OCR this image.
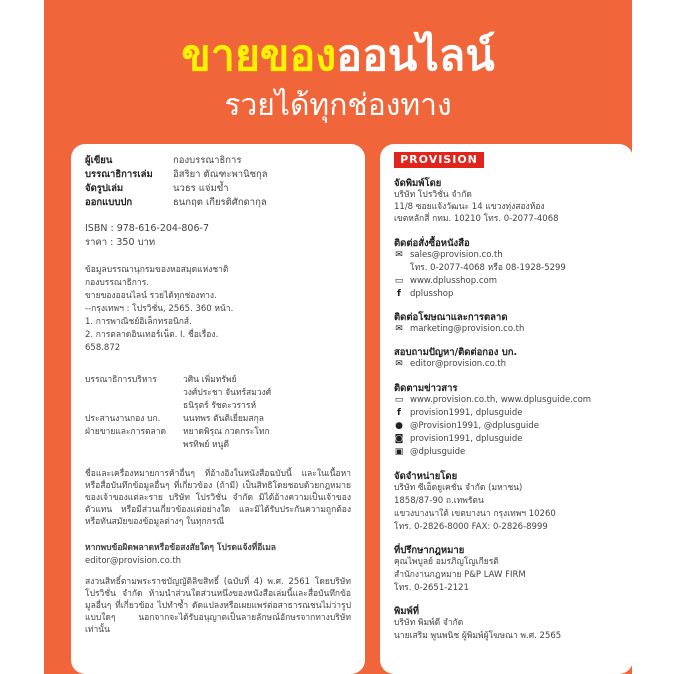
ขายของออนไลน์
รวยได้ทุกช่องทาง
ผู้เขียน	กองบรรณาธิการ
บรรณาธิการเล่ม อิสริยา ตัณฑะพานิชกุล
จัดรูปเล่ม	นวธร แจ่มข้ำ
ออกแบบปก	ธนกฤต เกียรติศักดากุล
ISBN : 978-616-204-806-7
ราคา : 350 บาท
ข้อมูลบรรณานุกรมของหอสมุดแห่งชาติ
กองบรรณาธิการ.
ขายของออนไลน์ รวยได้ทุกช่องทาง.
--กรุงเทพฯ : โปรวิชั่น, 2565. 360 หน้า.
1. การพาณิชย์อิเล็กทรอนิกส์.
2. การตลาดอินเทอร์เน็ต. I. ชื่อเรื่อง.
658.872
บรรณาธิการบริหาร	วศิน เพิ่มทรัพย์
วงศ์ประชา จันทร์สมวงศ์
ธนิรุตร์ รัชตะวรารห์
ประสานงานกอง บก.	นนทพร ตันติเยี่ยมสกุล
ฝ่ายขายและการตลาด หยาดพิรุณ กวดกระโทก
พรทิพย์ หนูดี
ชื่อและเครื่องหมายการค้าอื่นๆ ที่อ้างอิงในหนังสือฉบับนี้ และในเนื้อหาหรือสื่อบันทึกข้อมูลอื่นๆ ที่เกี่ยวข้อง (ถ้ามี) เป็นสิทธิโดยชอบด้วยกฎหมายของเจ้าของแต่ละราย บริษัท โปรวิชั่น จำกัด มิได้อ้างความเป็นเจ้าของ ตัวแทน หรือมีส่วนเกี่ยวข้องแต่อย่างใด และมิได้รับประกันความถูกต้องหรือทันสมัยของข้อมูลต่างๆ ในทุกกรณี
หากพบข้อผิดพลาดหรือข้อสงสัยใดๆ โปรดแจ้งที่อีเมล
editor@provision.co.th
สงวนสิทธิ์ตามพระราชบัญญัติลิขสิทธิ์ (ฉบับที่ 4) พ.ศ. 2561 โดยบริษัท โปรวิชั่น จำกัด ห้ามนำส่วนใดส่วนหนึ่งของหนังสือเล่มนี้และสื่อบันทึกข้อมูลอื่นๆ ที่เกี่ยวข้อง ไปทำซ้ำ ดัดแปลงหรือเผยแพร่ต่อสาธารณชนไม่ว่ารูปแบบใดๆ นอกจากจะได้รับอนุญาตเป็นลายลักษณ์อักษรจากทางบริษัทเท่านั้น
PROVISION
จัดพิมพ์โดย
บริษัท โปรวิชั่น จำกัด
11/8 ซอยแจ้งวัฒนะ 14 แขวงทุ่งสองห้อง
เขตหลักสี่ กทม. 10210 โทร. 0-2077-4068
ติดต่อสั่งซื้อหนังสือ
✉ sales@provision.co.th
โทร. 0-2077-4068 หรือ 08-1928-5299
▭ www.dplusshop.com
f dplusshop
ติดต่อโฆษณาและการตลาด
✉ marketing@provision.co.th
สอบถามปัญหา/ติดต่อกอง บก.
✉ editor@provision.co.th
ติดตามข่าวสาร
▭ www.provision.co.th, www.dplusguide.com
f provision1991, dplusguide
● @Provision1991, @dplusguide
◙ provision1991, dplusguide
▣ @dplusguide
จัดจำหน่ายโดย
บริษัท ซีเอ็ดยูเคชั่น จำกัด (มหาชน)
1858/87-90 ถ.เทพรัตน
แขวงบางนาใต้ เขตบางนา กรุงเทพฯ 10260
โทร. 0-2826-8000 FAX: 0-2826-8999
ที่ปรึกษากฎหมาย
คุณไพบูลย์ อมรภิญโญเกียรติ
สำนักงานกฎหมาย P&P LAW FIRM
โทร. 0-2651-2121
พิมพ์ที่
บริษัท พิมพ์ดี จำกัด
นายเสริม พูนพนิช ผู้พิมพ์ผู้โฆษณา พ.ศ. 2565
